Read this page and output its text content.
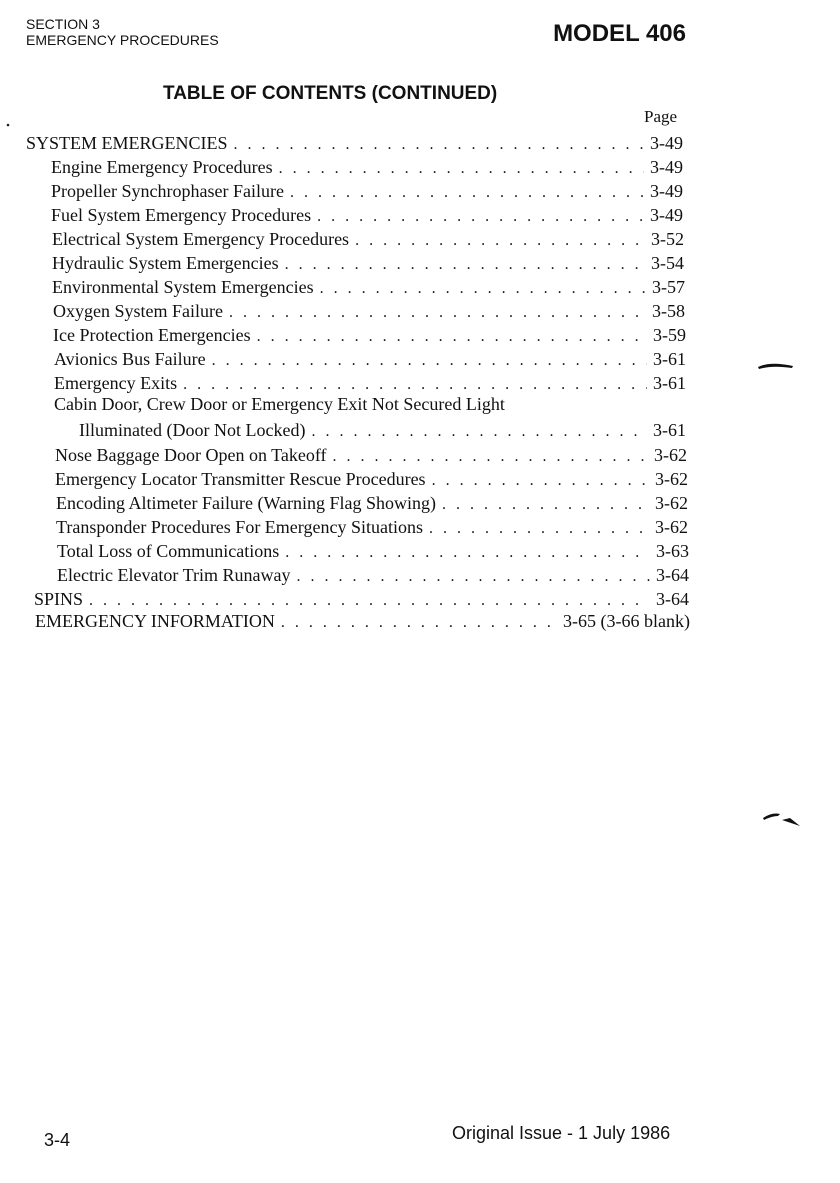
SECTION 3
EMERGENCY PROCEDURES	MODEL 406
TABLE OF CONTENTS (CONTINUED)
Page
SYSTEM EMERGENCIES . . .	3-49
Engine Emergency Procedures . . .	3-49
Propeller Synchrophaser Failure . . .	3-49
Fuel System Emergency Procedures . . .	3-49
Electrical System Emergency Procedures . . .	3-52
Hydraulic System Emergencies . . .	3-54
Environmental System Emergencies . . .	3-57
Oxygen System Failure . . .	3-58
Ice Protection Emergencies . . .	3-59
Avionics Bus Failure . . .	3-61
Emergency Exits . . .	3-61
Cabin Door, Crew Door or Emergency Exit Not Secured Light
Illuminated (Door Not Locked) . . .	3-61
Nose Baggage Door Open on Takeoff . . .	3-62
Emergency Locator Transmitter Rescue Procedures . . .	3-62
Encoding Altimeter Failure (Warning Flag Showing) . . .	3-62
Transponder Procedures For Emergency Situations . . .	3-62
Total Loss of Communications . . .	3-63
Electric Elevator Trim Runaway . . .	3-64
SPINS . . .	3-64
EMERGENCY INFORMATION . . .	3-65 (3-66 blank)
3-4	Original Issue - 1 July 1986
